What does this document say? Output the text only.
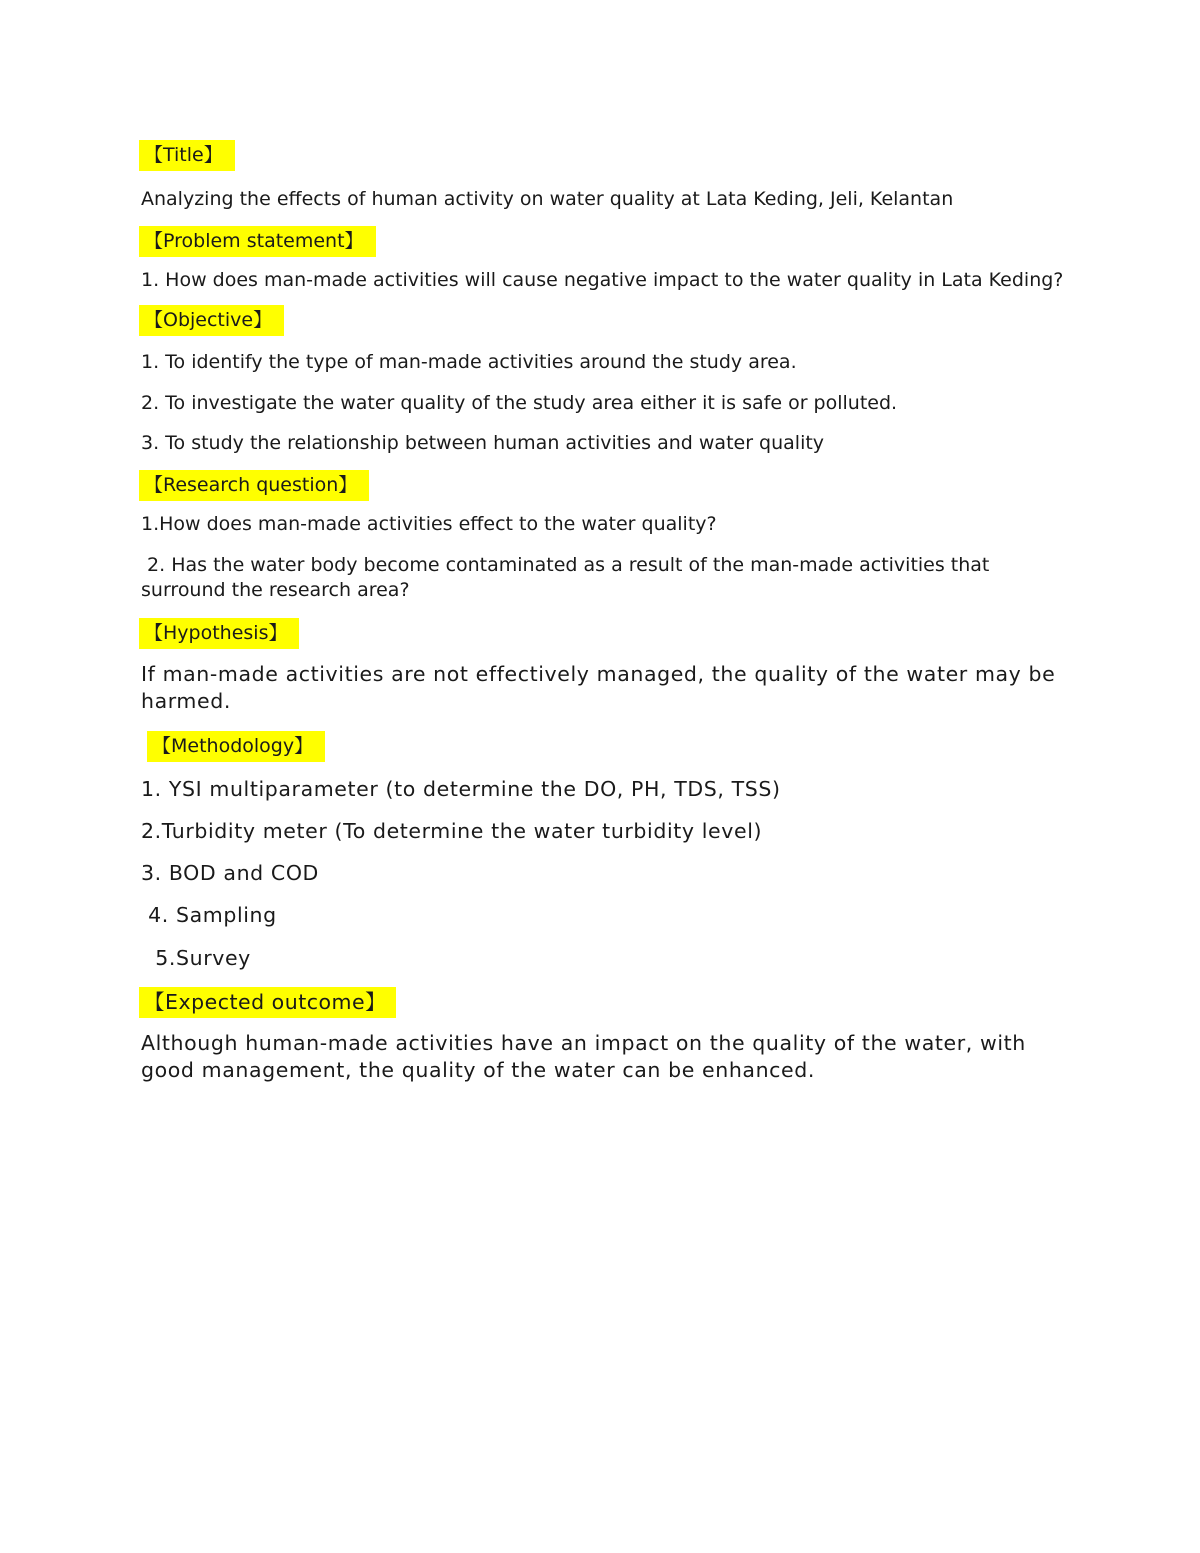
【Title】

Analyzing the effects of human activity on water quality at Lata Keding, Jeli, Kelantan

【Problem statement】

1. How does man-made activities will cause negative impact to the water quality in Lata Keding?

【Objective】

1. To identify the type of man-made activities around the study area.

2. To investigate the water quality of the study area either it is safe or polluted.

3. To study the relationship between human activities and water quality

【Research question】

1.How does man-made activities effect to the water quality?

2. Has the water body become contaminated as a result of the man-made activities that surround the research area?

【Hypothesis】

If man-made activities are not effectively managed, the quality of the water may be harmed.

【Methodology】

1. YSI multiparameter (to determine the DO, PH, TDS, TSS)

2.Turbidity meter (To determine the water turbidity level)

3. BOD and COD

4. Sampling

5.Survey

【Expected outcome】

Although human-made activities have an impact on the quality of the water, with good management, the quality of the water can be enhanced.
